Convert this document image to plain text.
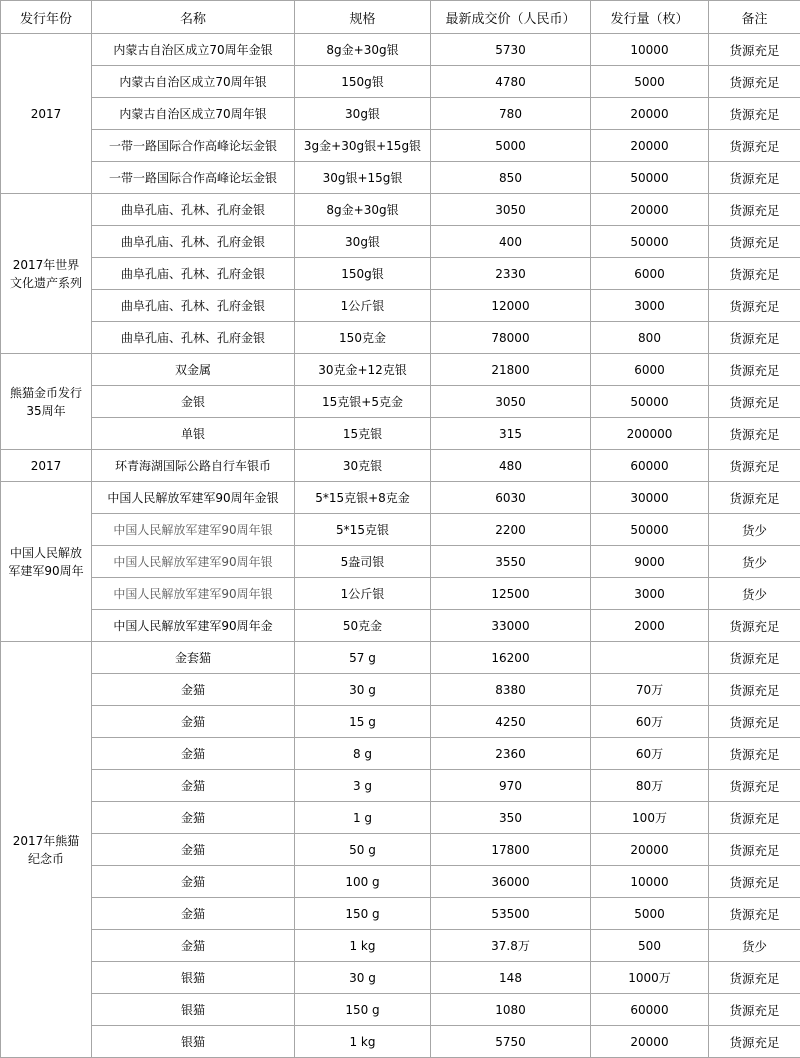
发行年份	名称	规格	最新成交价（人民币）	发行量（枚）	备注
2017	内蒙古自治区成立70周年金银	8g金+30g银	5730	10000	货源充足
	内蒙古自治区成立70周年银	150g银	4780	5000	货源充足
	内蒙古自治区成立70周年银	30g银	780	20000	货源充足
	一带一路国际合作高峰论坛金银	3g金+30g银+15g银	5000	20000	货源充足
	一带一路国际合作高峰论坛金银	30g银+15g银	850	50000	货源充足
2017年世界文化遗产系列	曲阜孔庙、孔林、孔府金银	8g金+30g银	3050	20000	货源充足
	曲阜孔庙、孔林、孔府金银	30g银	400	50000	货源充足
	曲阜孔庙、孔林、孔府金银	150g银	2330	6000	货源充足
	曲阜孔庙、孔林、孔府金银	1公斤银	12000	3000	货源充足
	曲阜孔庙、孔林、孔府金银	150克金	78000	800	货源充足
熊猫金币发行35周年	双金属	30克金+12克银	21800	6000	货源充足
	金银	15克银+5克金	3050	50000	货源充足
	单银	15克银	315	200000	货源充足
2017	环青海湖国际公路自行车银币	30克银	480	60000	货源充足
中国人民解放军建军90周年	中国人民解放军建军90周年金银	5*15克银+8克金	6030	30000	货源充足
	中国人民解放军建军90周年银	5*15克银	2200	50000	货少
	中国人民解放军建军90周年银	5盎司银	3550	9000	货少
	中国人民解放军建军90周年银	1公斤银	12500	3000	货少
	中国人民解放军建军90周年金	50克金	33000	2000	货源充足
2017年熊猫纪念币	金套猫	57 g	16200		货源充足
	金猫	30 g	8380	70万	货源充足
	金猫	15 g	4250	60万	货源充足
	金猫	8 g	2360	60万	货源充足
	金猫	3 g	970	80万	货源充足
	金猫	1 g	350	100万	货源充足
	金猫	50 g	17800	20000	货源充足
	金猫	100 g	36000	10000	货源充足
	金猫	150 g	53500	5000	货源充足
	金猫	1 kg	37.8万	500	货少
	银猫	30 g	148	1000万	货源充足
	银猫	150 g	1080	60000	货源充足
	银猫	1 kg	5750	20000	货源充足
